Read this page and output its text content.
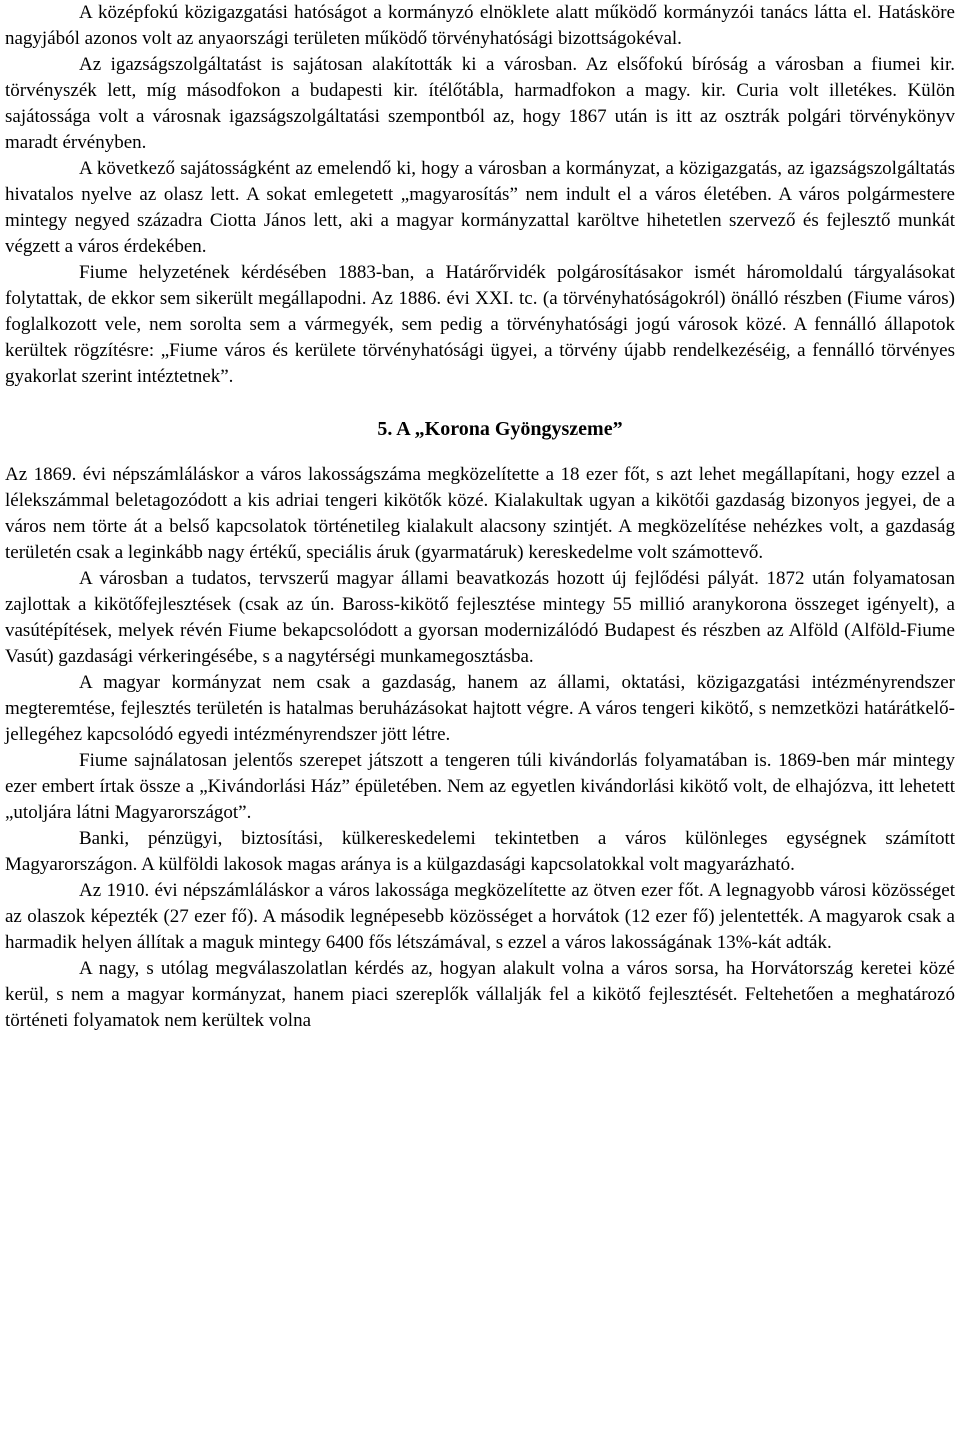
A középfokú közigazgatási hatóságot a kormányzó elnöklete alatt működő kormányzói tanács látta el. Hatásköre nagyjából azonos volt az anyaországi területen működő törvényhatósági bizottságokéval.

Az igazságszolgáltatást is sajátosan alakították ki a városban. Az elsőfokú bíróság a városban a fiumei kir. törvényszék lett, míg másodfokon a budapesti kir. ítélőtábla, harmadfokon a magy. kir. Curia volt illetékes. Külön sajátossága volt a városnak igazságszolgáltatási szempontból az, hogy 1867 után is itt az osztrák polgári törvénykönyv maradt érvényben.

A következő sajátosságként az emelendő ki, hogy a városban a kormányzat, a közigazgatás, az igazságszolgáltatás hivatalos nyelve az olasz lett. A sokat emlegetett „magyarosítás” nem indult el a város életében. A város polgármestere mintegy negyed századra Ciotta János lett, aki a magyar kormányzattal karöltve hihetetlen szervező és fejlesztő munkát végzett a város érdekében.

Fiume helyzetének kérdésében 1883-ban, a Határőrvidék polgárosításakor ismét háromoldalú tárgyalásokat folytattak, de ekkor sem sikerült megállapodni. Az 1886. évi XXI. tc. (a törvényhatóságokról) önálló részben (Fiume város) foglalkozott vele, nem sorolta sem a vármegyék, sem pedig a törvényhatósági jogú városok közé. A fennálló állapotok kerültek rögzítésre: „Fiume város és kerülete törvényhatósági ügyei, a törvény újabb rendelkezéséig, a fennálló törvényes gyakorlat szerint intéztetnek”.

5. A „Korona Gyöngyszeme”

Az 1869. évi népszámláláskor a város lakosságszáma megközelítette a 18 ezer főt, s azt lehet megállapítani, hogy ezzel a lélekszámmal beletagozódott a kis adriai tengeri kikötők közé. Kialakultak ugyan a kikötői gazdaság bizonyos jegyei, de a város nem törte át a belső kapcsolatok történetileg kialakult alacsony szintjét. A megközelítése nehézkes volt, a gazdaság területén csak a leginkább nagy értékű, speciális áruk (gyarmatáruk) kereskedelme volt számottevő.

A városban a tudatos, tervszerű magyar állami beavatkozás hozott új fejlődési pályát. 1872 után folyamatosan zajlottak a kikötőfejlesztések (csak az ún. Baross-kikötő fejlesztése mintegy 55 millió aranykorona összeget igényelt), a vasútépítések, melyek révén Fiume bekapcsolódott a gyorsan modernizálódó Budapest és részben az Alföld (Alföld-Fiume Vasút) gazdasági vérkeringésébe, s a nagytérségi munkamegosztásba.

A magyar kormányzat nem csak a gazdaság, hanem az állami, oktatási, közigazgatási intézményrendszer megteremtése, fejlesztés területén is hatalmas beruházásokat hajtott végre. A város tengeri kikötő, s nemzetközi határátkelő-jellegéhez kapcsolódó egyedi intézményrendszer jött létre.

Fiume sajnálatosan jelentős szerepet játszott a tengeren túli kivándorlás folyamatában is. 1869-ben már mintegy ezer embert írtak össze a „Kivándorlási Ház” épületében. Nem az egyetlen kivándorlási kikötő volt, de elhajózva, itt lehetett „utoljára látni Magyarországot”.

Banki, pénzügyi, biztosítási, külkereskedelemi tekintetben a város különleges egységnek számított Magyarországon. A külföldi lakosok magas aránya is a külgazdasági kapcsolatokkal volt magyarázható.

Az 1910. évi népszámláláskor a város lakossága megközelítette az ötven ezer főt. A legnagyobb városi közösséget az olaszok képezték (27 ezer fő). A második legnépesebb közösséget a horvátok (12 ezer fő) jelentették. A magyarok csak a harmadik helyen állítak a maguk mintegy 6400 fős létszámával, s ezzel a város lakosságának 13%-kát adták.

A nagy, s utólag megválaszolatlan kérdés az, hogyan alakult volna a város sorsa, ha Horvátország keretei közé kerül, s nem a magyar kormányzat, hanem piaci szereplők vállalják fel a kikötő fejlesztését. Feltehetően a meghatározó történeti folyamatok nem kerültek volna
